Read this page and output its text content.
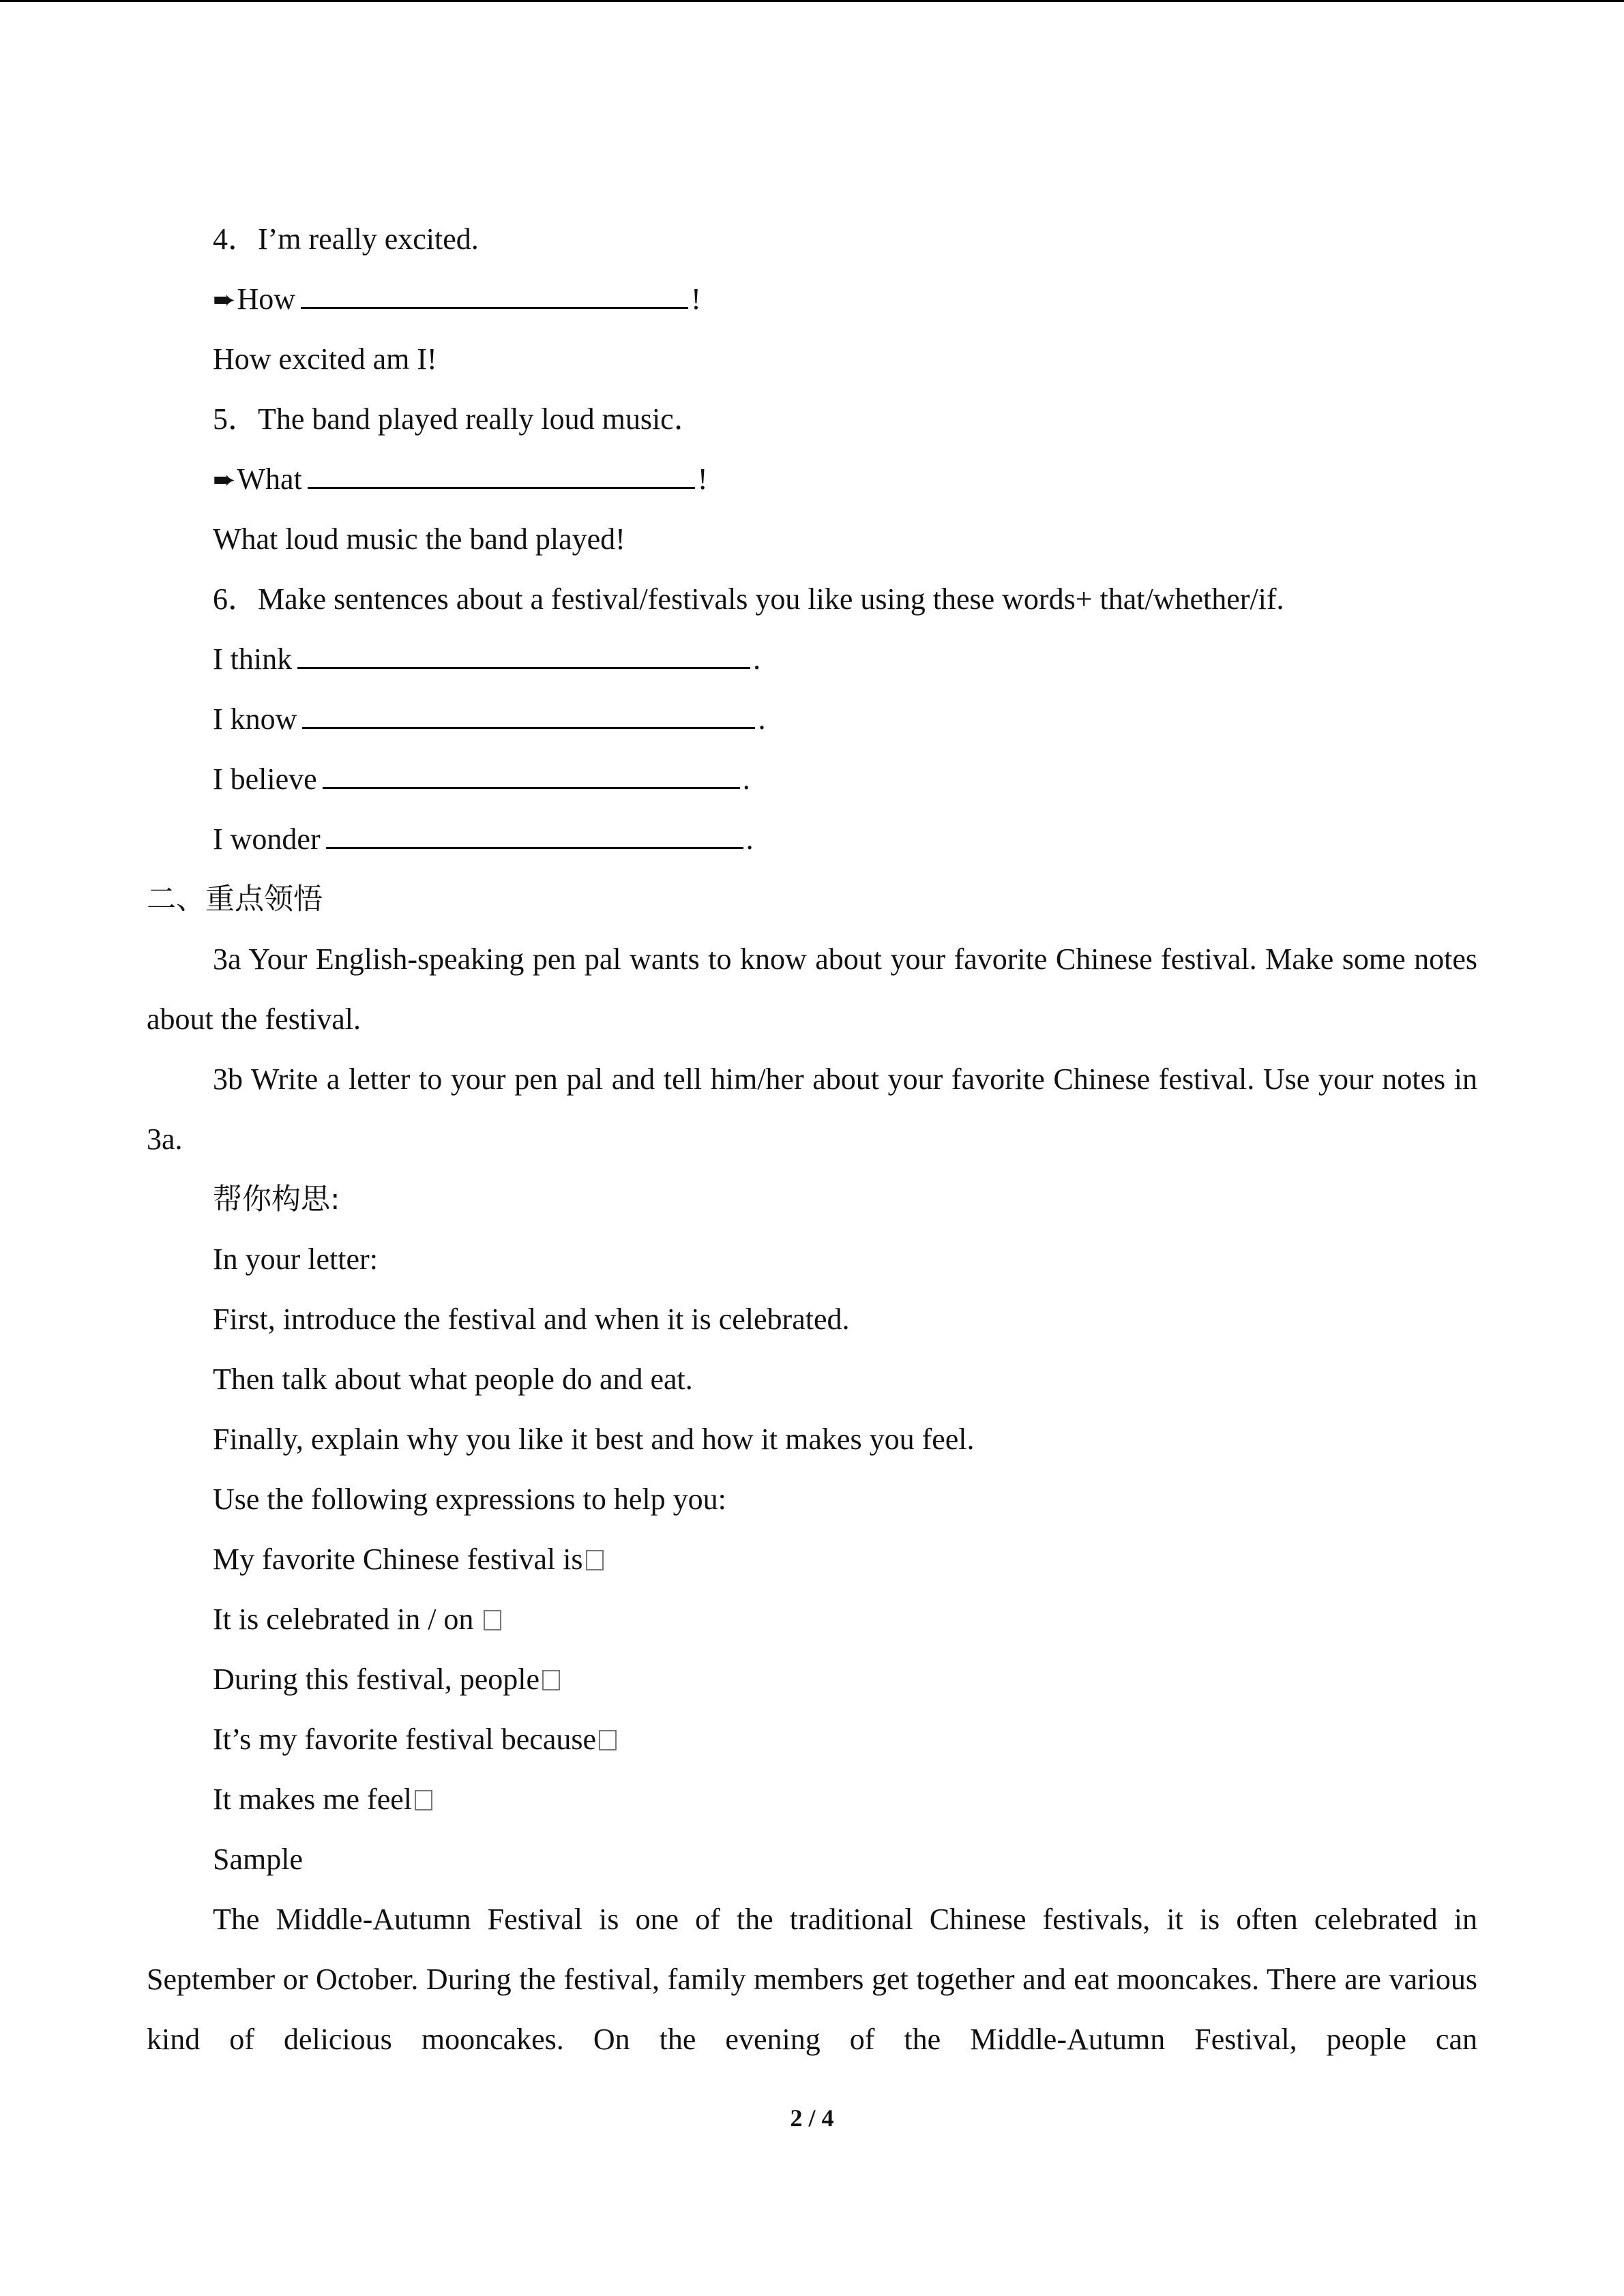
4．I’m really excited.
➨How	!
How excited am I!
5．The band played really loud music．
➨What	!
What loud music the band played!
6．Make sentences about a festival/festivals you like using these words+ that/whether/if.
I think	.
I know	.
I believe	.
I wonder	.
二、重点领悟
3a Your English-speaking pen pal wants to know about your favorite Chinese festival. Make some notes about the festival.
3b Write a letter to your pen pal and tell him/her about your favorite Chinese festival. Use your notes in 3a.
帮你构思:
In your letter:
First, introduce the festival and when it is celebrated.
Then talk about what people do and eat.
Finally, explain why you like it best and how it makes you feel.
Use the following expressions to help you:
My favorite Chinese festival is
It is celebrated in / on
During this festival, people
It’s my favorite festival because
It makes me feel
Sample
The Middle-Autumn Festival is one of the traditional Chinese festivals, it is often celebrated in September or October. During the festival, family members get together and eat mooncakes. There are various kind of delicious mooncakes. On the evening of the Middle-Autumn Festival, people can
2 / 4
